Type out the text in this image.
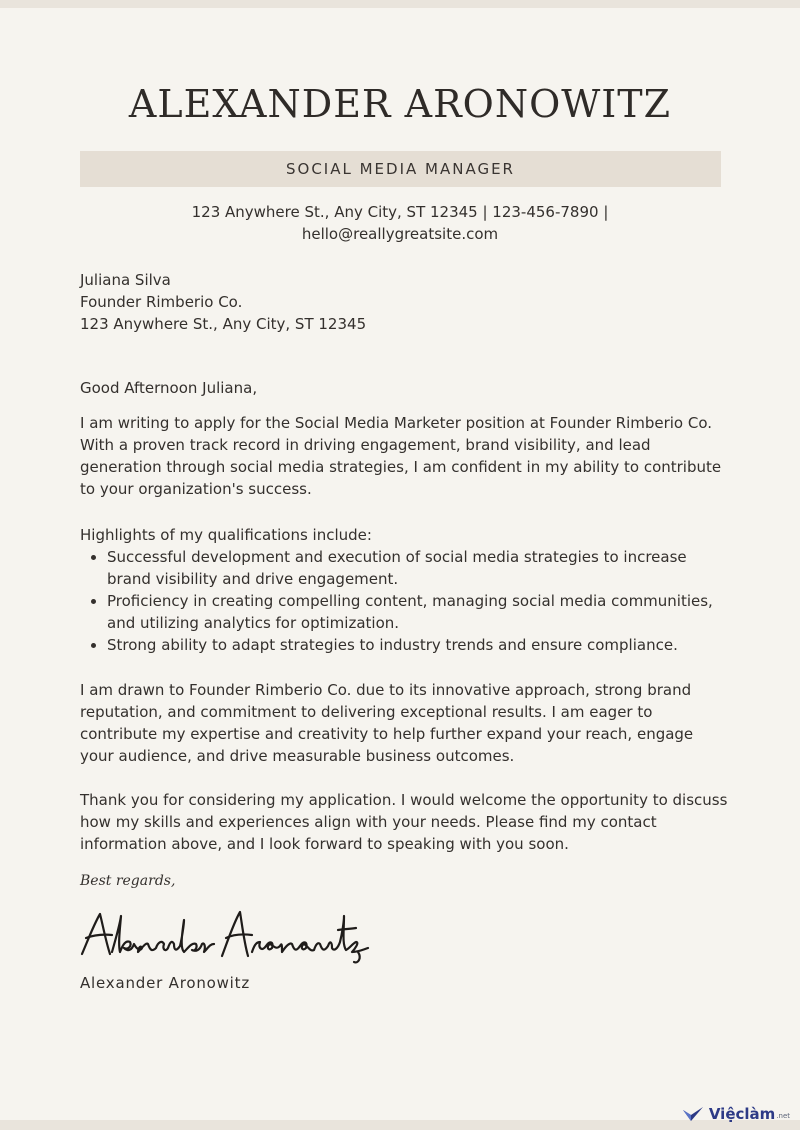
ALEXANDER ARONOWITZ
SOCIAL MEDIA MANAGER
123 Anywhere St., Any City, ST 12345 | 123-456-7890 |
hello@reallygreatsite.com
Juliana Silva
Founder Rimberio Co.
123 Anywhere St., Any City, ST 12345
Good Afternoon Juliana,
I am writing to apply for the Social Media Marketer position at Founder Rimberio Co. With a proven track record in driving engagement, brand visibility, and lead generation through social media strategies, I am confident in my ability to contribute to your organization's success.
Highlights of my qualifications include:
• Successful development and execution of social media strategies to increase brand visibility and drive engagement.
• Proficiency in creating compelling content, managing social media communities, and utilizing analytics for optimization.
• Strong ability to adapt strategies to industry trends and ensure compliance.
I am drawn to Founder Rimberio Co. due to its innovative approach, strong brand reputation, and commitment to delivering exceptional results. I am eager to contribute my expertise and creativity to help further expand your reach, engage your audience, and drive measurable business outcomes.
Thank you for considering my application. I would welcome the opportunity to discuss how my skills and experiences align with your needs. Please find my contact information above, and I look forward to speaking with you soon.
Best regards,
Alexander Aronowitz
Việclàm .net
